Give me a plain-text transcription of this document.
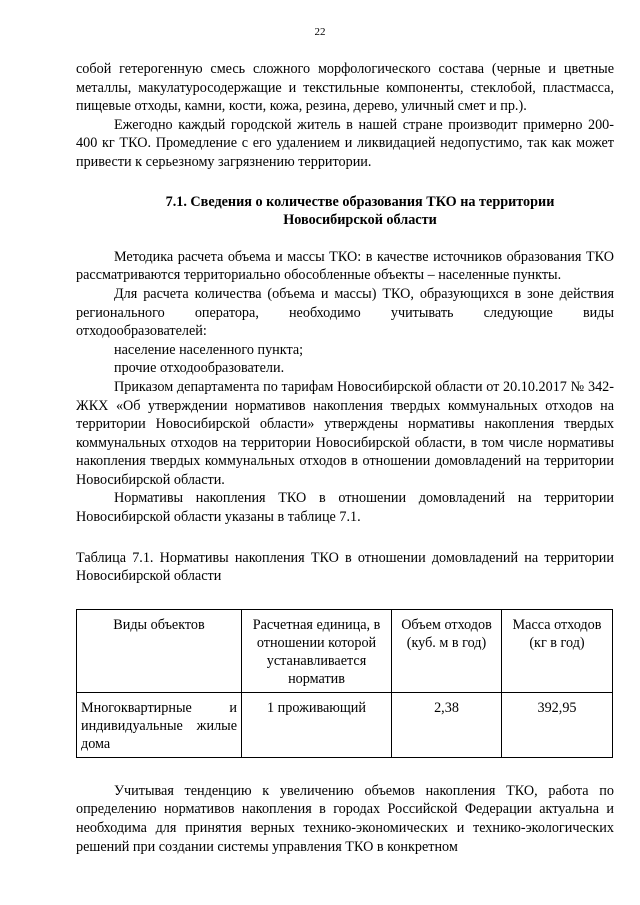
22

собой гетерогенную смесь сложного морфологического состава (черные и цветные металлы, макулатуросодержащие и текстильные компоненты, стеклобой, пластмасса, пищевые отходы, камни, кости, кожа, резина, дерево, уличный смет и пр.).

Ежегодно каждый городской житель в нашей стране производит примерно 200-400 кг ТКО. Промедление с его удалением и ликвидацией недопустимо, так как может привести к серьезному загрязнению территории.

7.1. Сведения о количестве образования ТКО на территории Новосибирской области

Методика расчета объема и массы ТКО: в качестве источников образования ТКО рассматриваются территориально обособленные объекты – населенные пункты.

Для расчета количества (объема и массы) ТКО, образующихся в зоне действия регионального оператора, необходимо учитывать следующие виды отходообразователей:

население населенного пункта;

прочие отходообразователи.

Приказом департамента по тарифам Новосибирской области от 20.10.2017 № 342-ЖКХ «Об утверждении нормативов накопления твердых коммунальных отходов на территории Новосибирской области» утверждены нормативы накопления твердых коммунальных отходов на территории Новосибирской области, в том числе нормативы накопления твердых коммунальных отходов в отношении домовладений на территории Новосибирской области.

Нормативы накопления ТКО в отношении домовладений на территории Новосибирской области указаны в таблице 7.1.

Таблица 7.1. Нормативы накопления ТКО в отношении домовладений на территории Новосибирской области

Виды объектов	Расчетная единица, в отношении которой устанавливается норматив	Объем отходов (куб. м в год)	Масса отходов (кг в год)
Многоквартирные и индивидуальные жилые дома	1 проживающий	2,38	392,95

Учитывая тенденцию к увеличению объемов накопления ТКО, работа по определению нормативов накопления в городах Российской Федерации актуальна и необходима для принятия верных технико-экономических и технико-экологических решений при создании системы управления ТКО в конкретном
